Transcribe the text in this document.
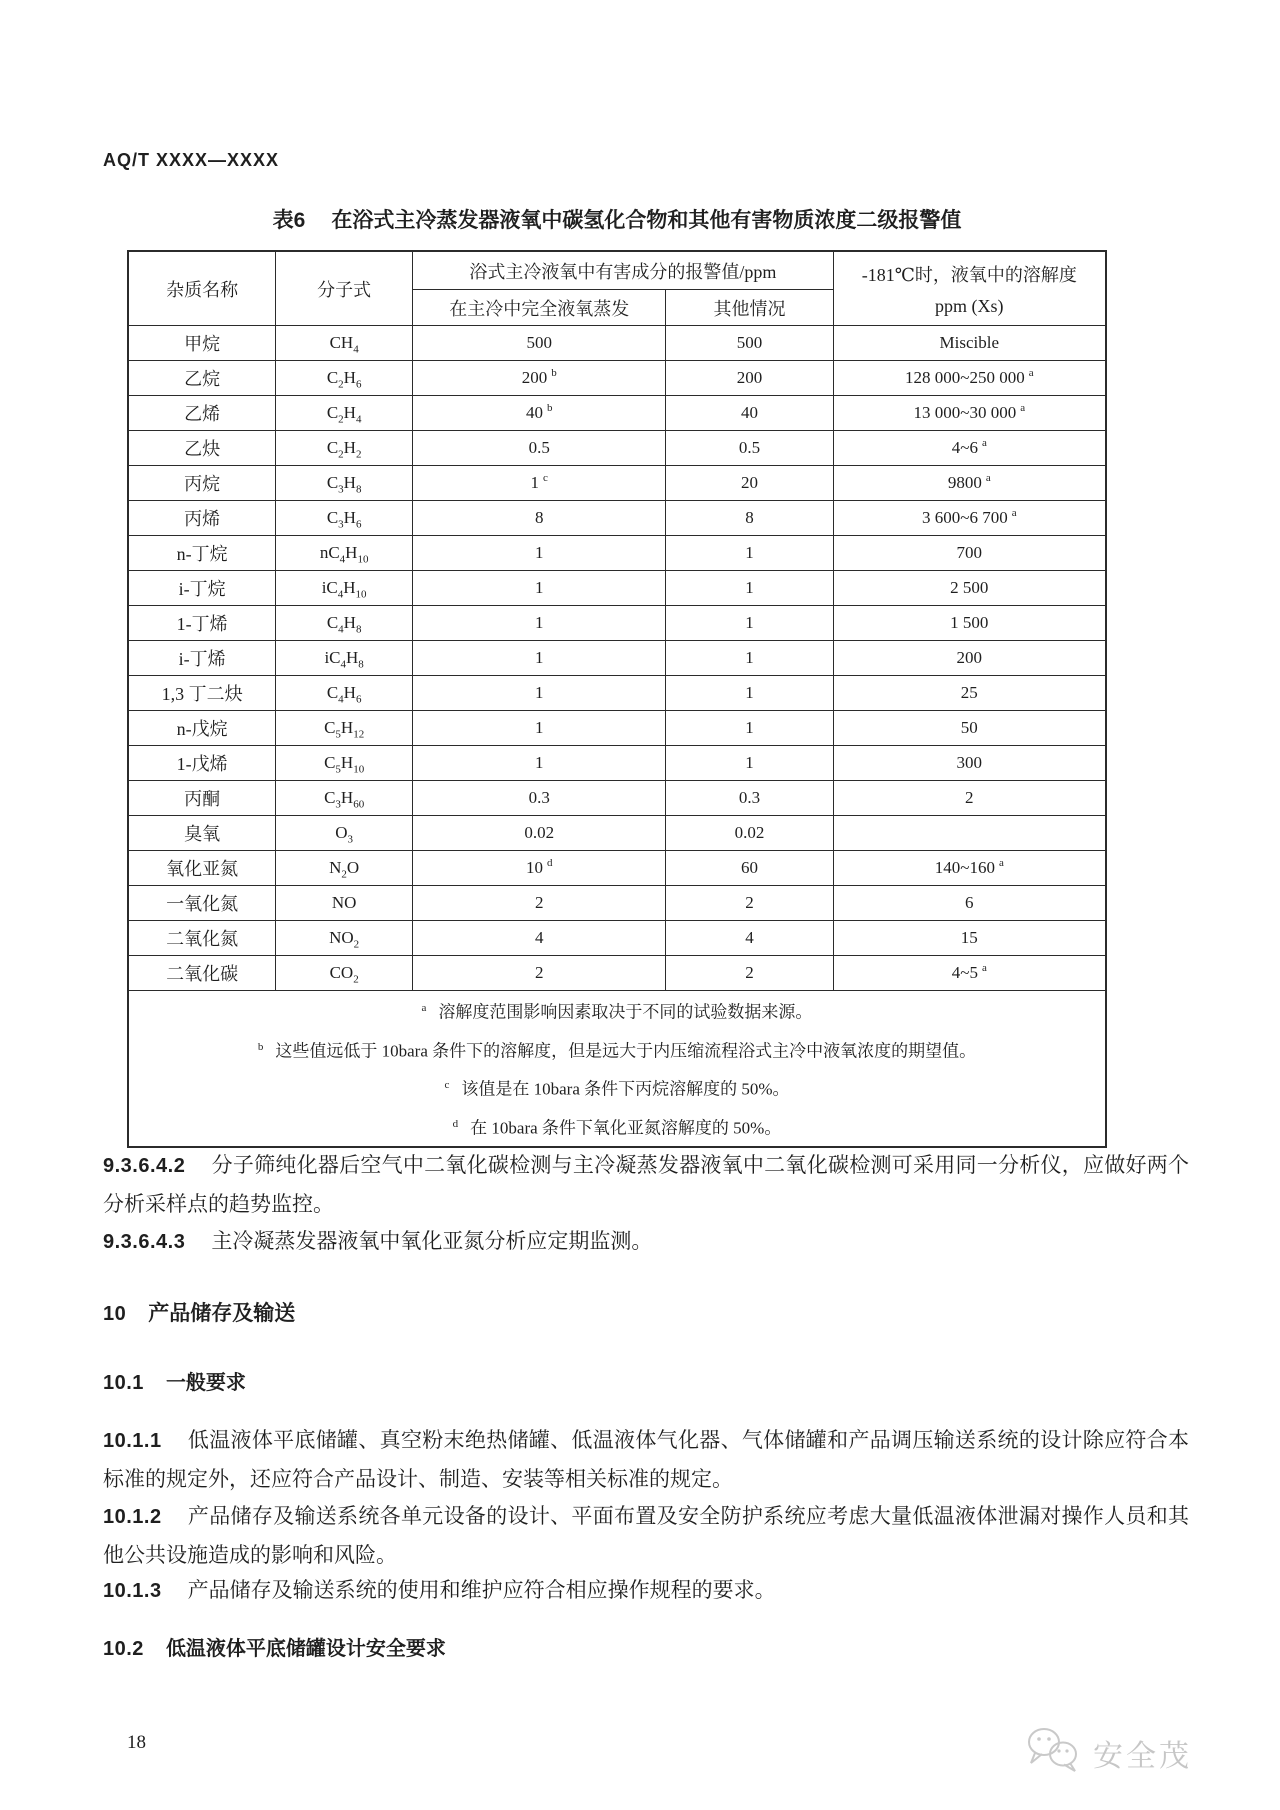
AQ/T XXXX—XXXX
表6 在浴式主冷蒸发器液氧中碳氢化合物和其他有害物质浓度二级报警值
杂质名称	分子式	浴式主冷液氧中有害成分的报警值/ppm		-181℃时，液氧中的溶解度
ppm (Xs)

		在主冷中完全液氧蒸发	其他情况	
甲烷	$CH_4$	500	500	Miscible
乙烷	$C_2H_6$	200 $^b$	200	128 000~250 000 $^a$
乙烯	$C_2H_4$	40 $^b$	40	13 000~30 000 $^a$
乙炔	$C_2H_2$	0.5	0.5	4~6 $^a$
丙烷	$C_3H_8$	1 $^c$	20	9800 $^a$
丙烯	$C_3H_6$	8	8	3 600~6 700 $^a$
n-丁烷	$nC_4H_{10}$	1	1	700
i-丁烷	$iC_4H_{10}$	1	1	2 500
1-丁烯	$C_4H_8$	1	1	1 500
i-丁烯	$iC_4H_8$	1	1	200
1,3 丁二炔	$C_4H_6$	1	1	25
n-戊烷	$C_5H_{12}$	1	1	50
1-戊烯	$C_5H_{10}$	1	1	300
丙酮	$C_3H_{60}$	0.3	0.3	2
臭氧	$O_3$	0.02	0.02	
氧化亚氮	$N_2O$	10 $^d$	60	140~160 $^a$
一氧化氮	NO	2	2	6
二氧化氮	$NO_2$	4	4	15
二氧化碳	$CO_2$	2	2	4~5 $^a$

$^a$ 溶解度范围影响因素取决于不同的试验数据来源。
$^b$ 这些值远低于 10bara 条件下的溶解度，但是远大于内压缩流程浴式主冷中液氧浓度的期望值。
$^c$ 该值是在 10bara 条件下丙烷溶解度的 50%。
$^d$ 在 10bara 条件下氧化亚氮溶解度的 50%。				

9.3.6.4.2 分子筛纯化器后空气中二氧化碳检测与主冷凝蒸发器液氧中二氧化碳检测可采用同一分析仪，应做好两个分析采样点的趋势监控。

9.3.6.4.3 主冷凝蒸发器液氧中氧化亚氮分析应定期监测。

10 产品储存及输送
10.1 一般要求

10.1.1 低温液体平底储罐、真空粉末绝热储罐、低温液体气化器、气体储罐和产品调压输送系统的设计除应符合本标准的规定外，还应符合产品设计、制造、安装等相关标准的规定。

10.1.2 产品储存及输送系统各单元设备的设计、平面布置及安全防护系统应考虑大量低温液体泄漏对操作人员和其他公共设施造成的影响和风险。

10.1.3 产品储存及输送系统的使用和维护应符合相应操作规程的要求。

10.2 低温液体平底储罐设计安全要求
18	安全茂
